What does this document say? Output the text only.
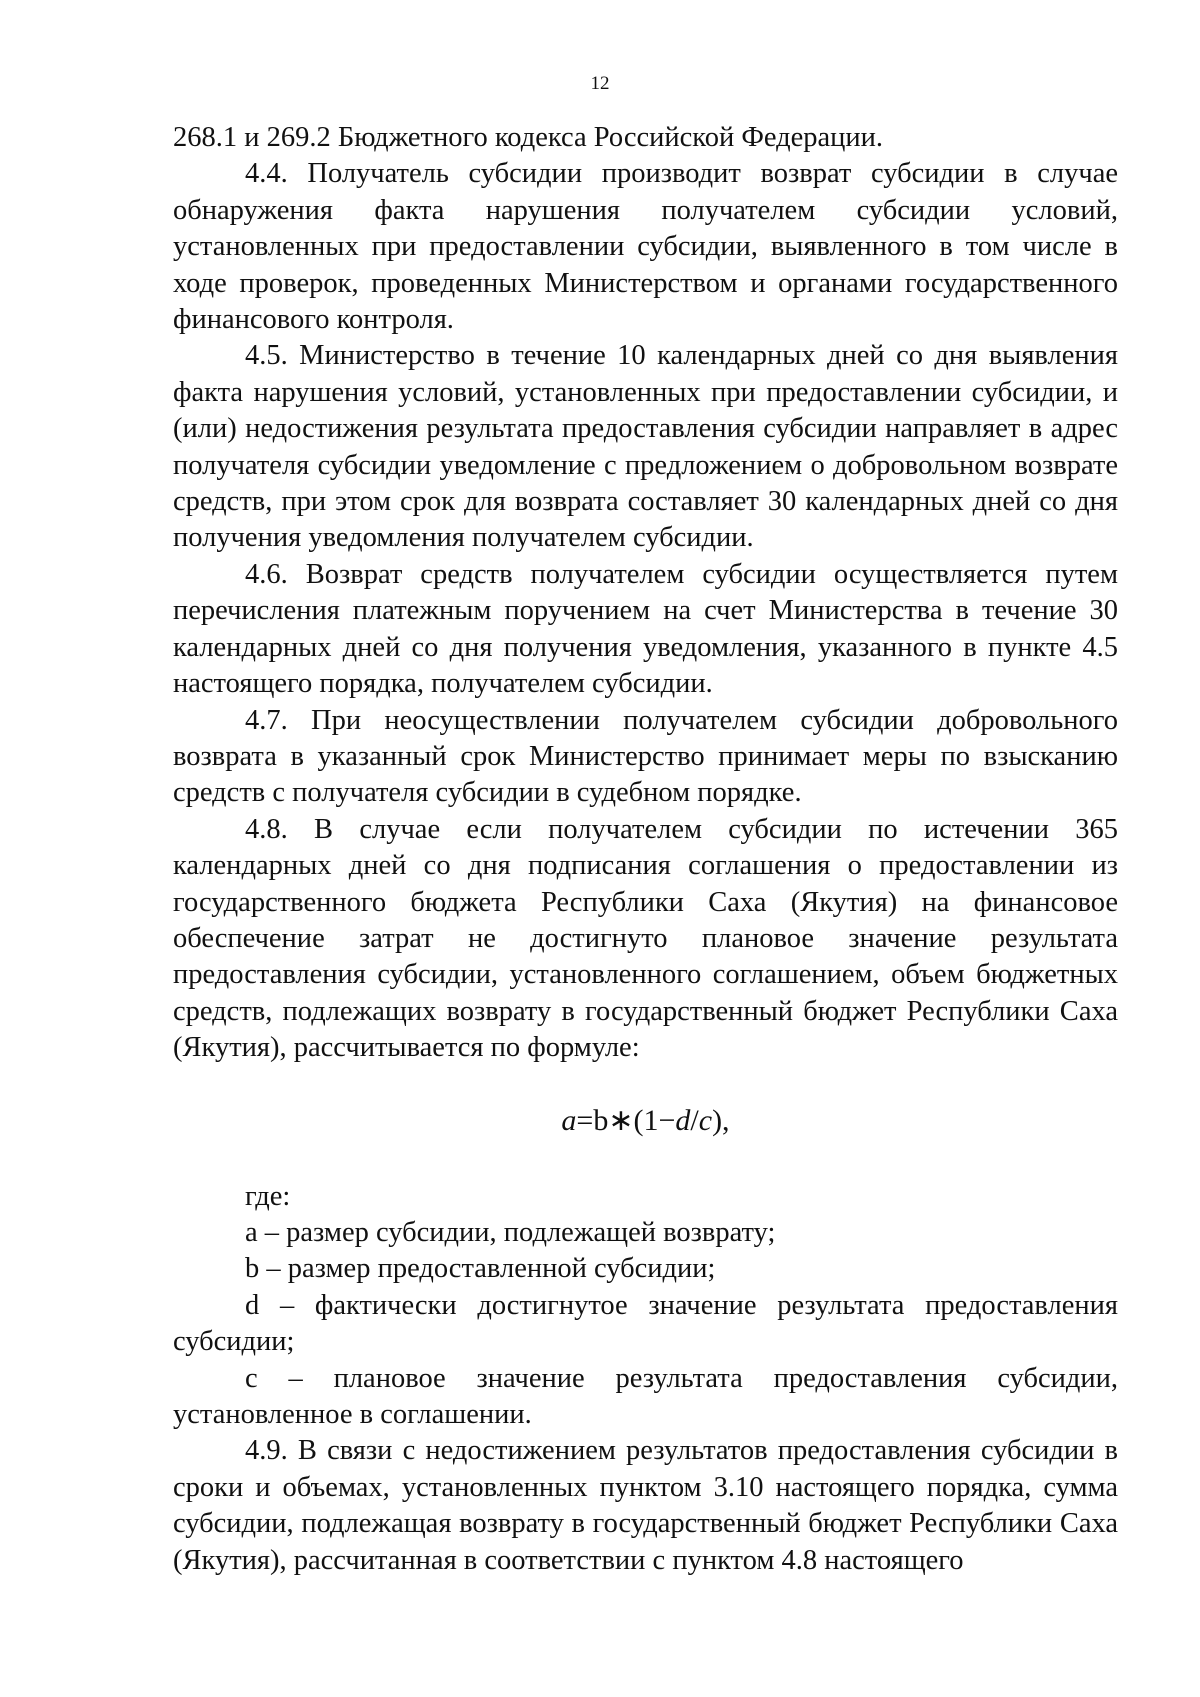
12

268.1 и 269.2 Бюджетного кодекса Российской Федерации.

4.4. Получатель субсидии производит возврат субсидии в случае обнаружения факта нарушения получателем субсидии условий, установленных при предоставлении субсидии, выявленного в том числе в ходе проверок, проведенных Министерством и органами государственного финансового контроля.

4.5. Министерство в течение 10 календарных дней со дня выявления факта нарушения условий, установленных при предоставлении субсидии, и (или) недостижения результата предоставления субсидии направляет в адрес получателя субсидии уведомление с предложением о добровольном возврате средств, при этом срок для возврата составляет 30 календарных дней со дня получения уведомления получателем субсидии.

4.6. Возврат средств получателем субсидии осуществляется путем перечисления платежным поручением на счет Министерства в течение 30 календарных дней со дня получения уведомления, указанного в пункте 4.5 настоящего порядка, получателем субсидии.

4.7. При неосуществлении получателем субсидии добровольного возврата в указанный срок Министерство принимает меры по взысканию средств с получателя субсидии в судебном порядке.

4.8. В случае если получателем субсидии по истечении 365 календарных дней со дня подписания соглашения о предоставлении из государственного бюджета Республики Саха (Якутия) на финансовое обеспечение затрат не достигнуто плановое значение результата предоставления субсидии, установленного соглашением, объем бюджетных средств, подлежащих возврату в государственный бюджет Республики Саха (Якутия), рассчитывается по формуле:

a=b∗(1−d/c),

где:

a – размер субсидии, подлежащей возврату;

b – размер предоставленной субсидии;

d – фактически достигнутое значение результата предоставления субсидии;

с – плановое значение результата предоставления субсидии, установленное в соглашении.

4.9. В связи с недостижением результатов предоставления субсидии в сроки и объемах, установленных пунктом 3.10 настоящего порядка, сумма субсидии, подлежащая возврату в государственный бюджет Республики Саха (Якутия), рассчитанная в соответствии с пунктом 4.8 настоящего
